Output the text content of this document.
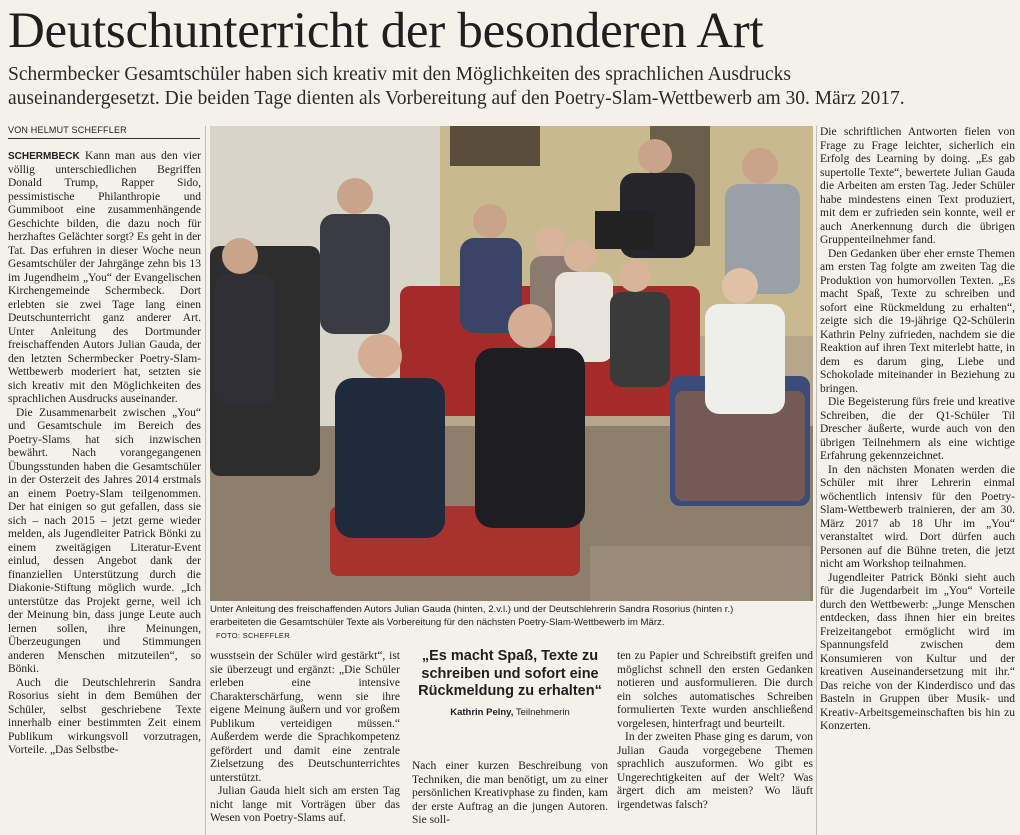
Deutschunterricht der besonderen Art
Schermbecker Gesamtschüler haben sich kreativ mit den Möglichkeiten des sprachlichen Ausdrucks
auseinandergesetzt. Die beiden Tage dienten als Vorbereitung auf den Poetry-Slam-Wettbewerb am 30. März 2017.
VON HELMUT SCHEFFLER

SCHERMBECK Kann man aus den vier völlig unterschiedlichen Begriffen Donald Trump, Rapper Sido, pessimistische Philanthropie und Gummiboot eine zusammenhängende Geschichte bilden, die dazu noch für herzhaftes Gelächter sorgt? Es geht in der Tat. Das erfuhren in dieser Woche neun Gesamtschüler der Jahrgänge zehn bis 13 im Jugendheim „You“ der Evangelischen Kirchengemeinde Schermbeck. Dort erlebten sie zwei Tage lang einen Deutschunterricht ganz anderer Art. Unter Anleitung des Dortmunder freischaffenden Autors Julian Gauda, der den letzten Schermbecker Poetry-Slam-Wettbewerb moderiert hat, setzten sie sich kreativ mit den Möglichkeiten des sprachlichen Ausdrucks auseinander.

Die Zusammenarbeit zwischen „You“ und Gesamtschule im Bereich des Poetry-Slams hat sich inzwischen bewährt. Nach vorangegangenen Übungsstunden haben die Gesamtschüler in der Osterzeit des Jahres 2014 erstmals an einem Poetry-Slam teilgenommen. Der hat einigen so gut gefallen, dass sie sich – nach 2015 – jetzt gerne wieder melden, als Jugendleiter Patrick Bönki zu einem zweitägigen Literatur-Event einlud, dessen Angebot dank der finanziellen Unterstützung durch die Diakonie-Stiftung möglich wurde. „Ich unterstütze das Projekt gerne, weil ich der Meinung bin, dass junge Leute auch lernen sollen, ihre Meinungen, Überzeugungen und Stimmungen anderen Menschen mitzuteilen“, so Bönki.

Auch die Deutschlehrerin Sandra Rosorius sieht in dem Bemühen der Schüler, selbst geschriebene Texte innerhalb einer bestimmten Zeit einem Publikum wirkungsvoll vorzutragen, Vorteile. „Das Selbstbe-

Unter Anleitung des freischaffenden Autors Julian Gauda (hinten, 2.v.l.) und der Deutschlehrerin Sandra Rosorius (hinten r.)
erarbeiteten die Gesamtschüler Texte als Vorbereitung für den nächsten Poetry-Slam-Wettbewerb im März.
FOTO: SCHEFFLER

wusstsein der Schüler wird gestärkt“, ist sie überzeugt und ergänzt: „Die Schüler erleben eine intensive Charakterschärfung, wenn sie ihre eigene Meinung äußern und vor großem Publikum verteidigen müssen.“ Außerdem werde die Sprachkompetenz gefördert und damit eine zentrale Zielsetzung des Deutschunterrichtes unterstützt.

Julian Gauda hielt sich am ersten Tag nicht lange mit Vorträgen über das Wesen von Poetry-Slams auf.

„Es macht Spaß, Texte zu schreiben und sofort eine Rückmeldung zu erhalten“
Kathrin Pelny, Teilnehmerin

Nach einer kurzen Beschreibung von Techniken, die man benötigt, um zu einer persönlichen Kreativphase zu finden, kam der erste Auftrag an die jungen Autoren. Sie soll-

ten zu Papier und Schreibstift greifen und möglichst schnell den ersten Gedanken notieren und ausformulieren. Die durch ein solches automatisches Schreiben formulierten Texte wurden anschließend vorgelesen, hinterfragt und beurteilt.

In der zweiten Phase ging es darum, von Julian Gauda vorgegebene Themen sprachlich auszuformen. Wo gibt es Ungerechtigkeiten auf der Welt? Was ärgert dich am meisten? Wo läuft irgendetwas falsch?

Die schriftlichen Antworten fielen von Frage zu Frage leichter, sicherlich ein Erfolg des Learning by doing. „Es gab supertolle Texte“, bewertete Julian Gauda die Arbeiten am ersten Tag. Jeder Schüler habe mindestens einen Text produziert, mit dem er zufrieden sein konnte, weil er auch Anerkennung durch die übrigen Gruppenteilnehmer fand.

Den Gedanken über eher ernste Themen am ersten Tag folgte am zweiten Tag die Produktion von humorvollen Texten. „Es macht Spaß, Texte zu schreiben und sofort eine Rückmeldung zu erhalten“, zeigte sich die 19-jährige Q2-Schülerin Kathrin Pelny zufrieden, nachdem sie die Reaktion auf ihren Text miterlebt hatte, in dem es darum ging, Liebe und Schokolade miteinander in Beziehung zu bringen.

Die Begeisterung fürs freie und kreative Schreiben, die der Q1-Schüler Til Drescher äußerte, wurde auch von den übrigen Teilnehmern als eine wichtige Erfahrung gekennzeichnet.

In den nächsten Monaten werden die Schüler mit ihrer Lehrerin einmal wöchentlich intensiv für den Poetry-Slam-Wettbewerb trainieren, der am 30. März 2017 ab 18 Uhr im „You“ veranstaltet wird. Dort dürfen auch Personen auf die Bühne treten, die jetzt nicht am Workshop teilnahmen.

Jugendleiter Patrick Bönki sieht auch für die Jugendarbeit im „You“ Vorteile durch den Wettbewerb: „Junge Menschen entdecken, dass ihnen hier ein breites Freizeitangebot ermöglicht wird im Spannungsfeld zwischen dem Konsumieren von Kultur und der kreativen Auseinandersetzung mit ihr.“ Das reiche von der Kinderdisco und das Basteln in Gruppen über Musik- und Kreativ-Arbeitsgemeinschaften bis hin zu Konzerten.
